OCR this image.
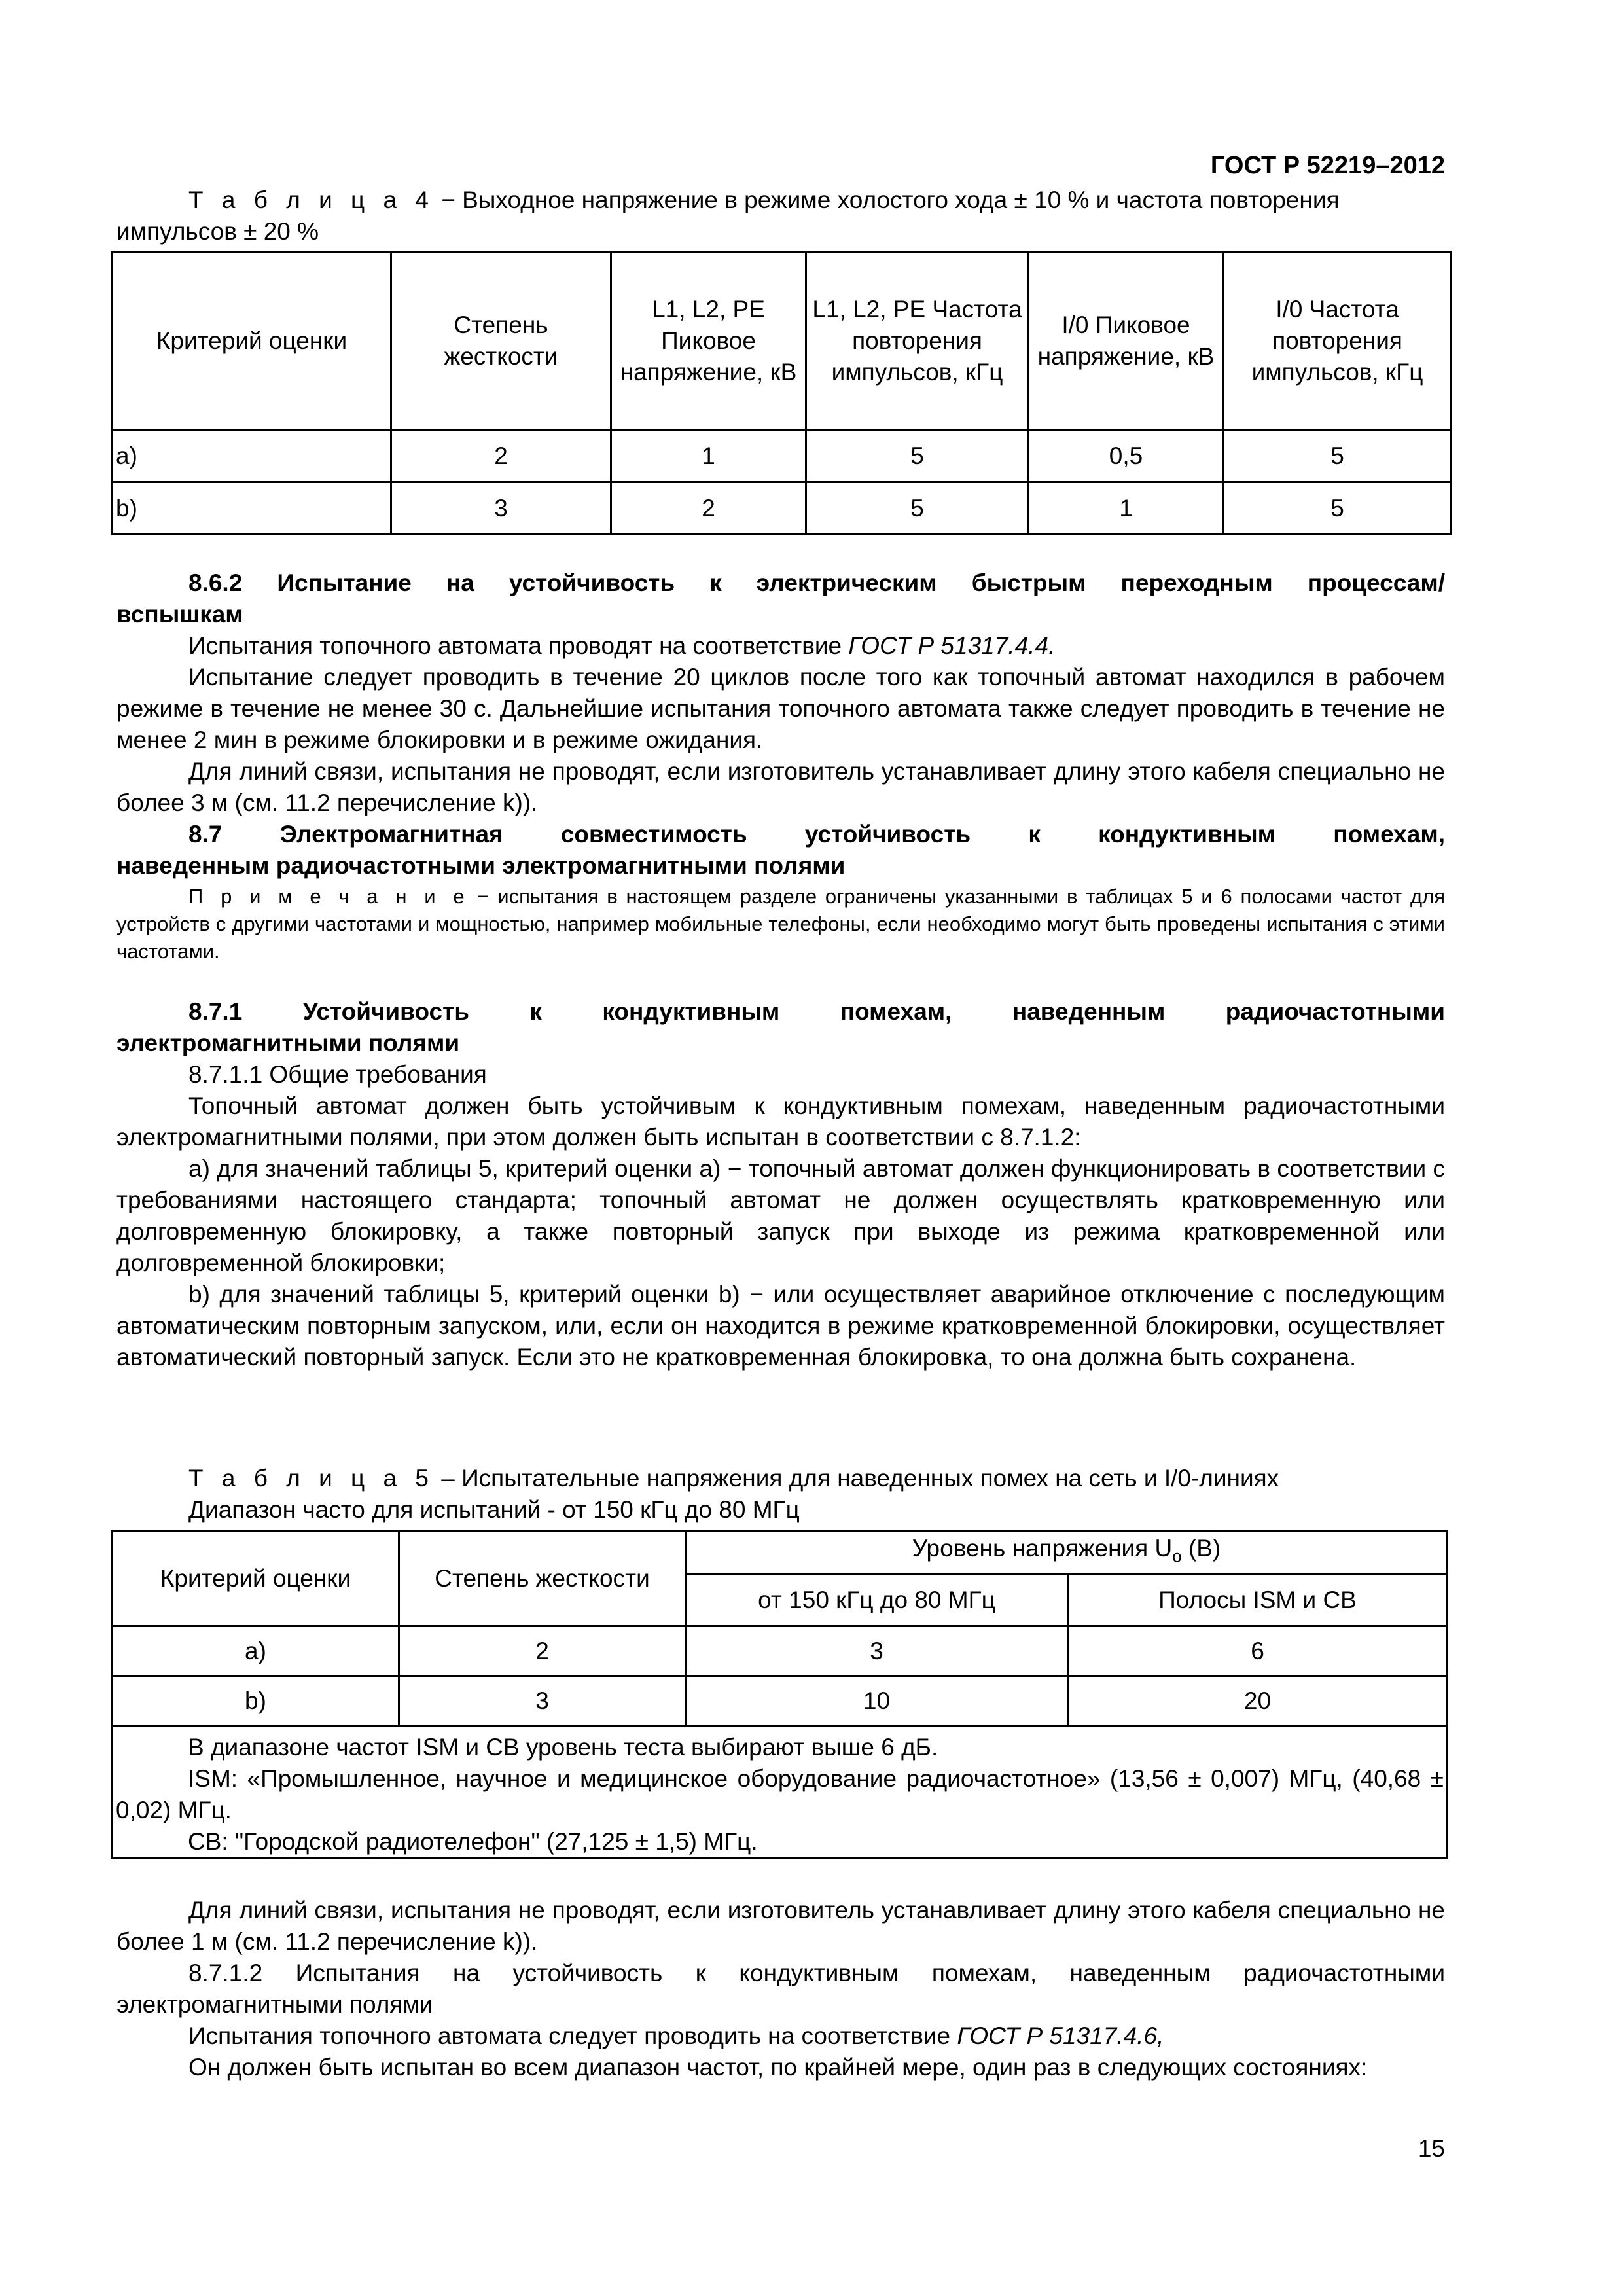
ГОСТ Р 52219–2012

Т а б л и ц а 4 − Выходное напряжение в режиме холостого хода ± 10 % и частота повторения

импульсов ± 20 %

Критерий оценки	Степень жесткости	L1, L2, PE Пиковое напряжение, кВ	L1, L2, PE Частота повторения импульсов, кГц	I/0 Пиковое напряжение, кВ	I/0 Частота повторения импульсов, кГц
a)	2	1	5	0,5	5
b)	3	2	5	1	5

8.6.2 Испытание на устойчивость к электрическим быстрым переходным процессам/

вспышкам

Испытания топочного автомата проводят на соответствие ГОСТ Р 51317.4.4.

Испытание следует проводить в течение 20 циклов после того как топочный автомат находился в рабочем режиме в течение не менее 30 с. Дальнейшие испытания топочного автомата также следует проводить в течение не менее 2 мин в режиме блокировки и в режиме ожидания.

Для линий связи, испытания не проводят, если изготовитель устанавливает длину этого кабеля специально не более 3 м (см. 11.2 перечисление k)).

8.7 Электромагнитная совместимость устойчивость к кондуктивным помехам,

наведенным радиочастотными электромагнитными полями

П р и м е ч а н и е − испытания в настоящем разделе ограничены указанными в таблицах 5 и 6 полосами частот для устройств с другими частотами и мощностью, например мобильные телефоны, если необходимо могут быть проведены испытания с этими частотами.

8.7.1 Устойчивость к кондуктивным помехам, наведенным радиочастотными

электромагнитными полями

8.7.1.1 Общие требования

Топочный автомат должен быть устойчивым к кондуктивным помехам, наведенным радиочастотными электромагнитными полями, при этом должен быть испытан в соответствии с 8.7.1.2:

а) для значений таблицы 5, критерий оценки a) − топочный автомат должен функционировать в соответствии с требованиями настоящего стандарта; топочный автомат не должен осуществлять кратковременную или долговременную блокировку, а также повторный запуск при выходе из режима кратковременной или долговременной блокировки;

b) для значений таблицы 5, критерий оценки b) − или осуществляет аварийное отключение с последующим автоматическим повторным запуском, или, если он находится в режиме кратковременной блокировки, осуществляет автоматический повторный запуск. Если это не кратковременная блокировка, то она должна быть сохранена.

Т а б л и ц а 5 – Испытательные напряжения для наведенных помех на сеть и I/0-линиях

Диапазон часто для испытаний - от 150 кГц до 80 МГц

Критерий оценки	Степень жесткости	Уровень напряжения $U_o$ (В)	
		от 150 кГц до 80 МГц	Полосы ISM и СВ
а)	2	3	6
b)	3	10	20

В диапазоне частот ISM и СВ уровень теста выбирают выше 6 дБ.

ISM: «Промышленное, научное и медицинское оборудование радиочастотное» (13,56 ± 0,007) МГц, (40,68 ± 0,02) МГц.

СВ: "Городской радиотелефон" (27,125 ± 1,5) МГц.			

Для линий связи, испытания не проводят, если изготовитель устанавливает длину этого кабеля специально не более 1 м (см. 11.2 перечисление k)).

8.7.1.2 Испытания на устойчивость к кондуктивным помехам, наведенным радиочастотными электромагнитными полями

Испытания топочного автомата следует проводить на соответствие ГОСТ Р 51317.4.6,

Он должен быть испытан во всем диапазон частот, по крайней мере, один раз в следующих состояниях:

15
